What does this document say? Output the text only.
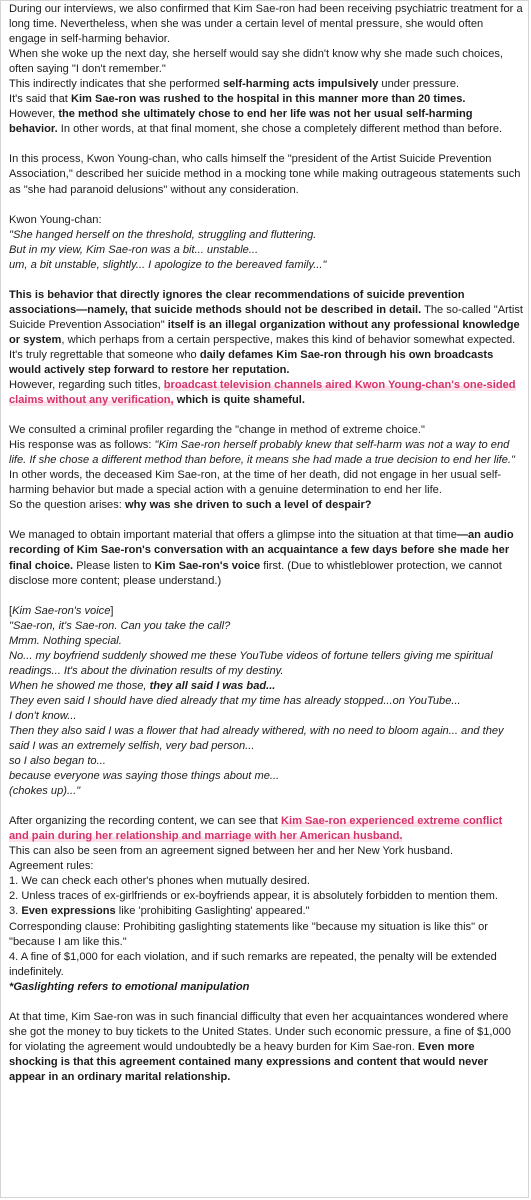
During our interviews, we also confirmed that Kim Sae-ron had been receiving psychiatric treatment for a long time. Nevertheless, when she was under a certain level of mental pressure, she would often engage in self-harming behavior.
When she woke up the next day, she herself would say she didn't know why she made such choices, often saying "I don't remember."
This indirectly indicates that she performed self-harming acts impulsively under pressure.
It's said that Kim Sae-ron was rushed to the hospital in this manner more than 20 times.
However, the method she ultimately chose to end her life was not her usual self-harming behavior. In other words, at that final moment, she chose a completely different method than before.
In this process, Kwon Young-chan, who calls himself the "president of the Artist Suicide Prevention Association," described her suicide method in a mocking tone while making outrageous statements such as "she had paranoid delusions" without any consideration.
Kwon Young-chan:
"She hanged herself on the threshold, struggling and fluttering.
But in my view, Kim Sae-ron was a bit... unstable...
um, a bit unstable, slightly... I apologize to the bereaved family..."
This is behavior that directly ignores the clear recommendations of suicide prevention associations—namely, that suicide methods should not be described in detail. The so-called "Artist Suicide Prevention Association" itself is an illegal organization without any professional knowledge or system, which perhaps from a certain perspective, makes this kind of behavior somewhat expected. It's truly regrettable that someone who daily defames Kim Sae-ron through his own broadcasts would actively step forward to restore her reputation.
However, regarding such titles, broadcast television channels aired Kwon Young-chan's one-sided claims without any verification, which is quite shameful.
We consulted a criminal profiler regarding the "change in method of extreme choice."
His response was as follows: "Kim Sae-ron herself probably knew that self-harm was not a way to end life. If she chose a different method than before, it means she had made a true decision to end her life."
In other words, the deceased Kim Sae-ron, at the time of her death, did not engage in her usual self-harming behavior but made a special action with a genuine determination to end her life.
So the question arises: why was she driven to such a level of despair?
We managed to obtain important material that offers a glimpse into the situation at that time—an audio recording of Kim Sae-ron's conversation with an acquaintance a few days before she made her final choice. Please listen to Kim Sae-ron's voice first. (Due to whistleblower protection, we cannot disclose more content; please understand.)
[Kim Sae-ron's voice]
"Sae-ron, it's Sae-ron. Can you take the call?
Mmm. Nothing special.
No... my boyfriend suddenly showed me these YouTube videos of fortune tellers giving me spiritual readings... It's about the divination results of my destiny.
When he showed me those, they all said I was bad...
They even said I should have died already that my time has already stopped...on YouTube...
I don't know...
Then they also said I was a flower that had already withered, with no need to bloom again... and they said I was an extremely selfish, very bad person...
so I also began to...
because everyone was saying those things about me...
(chokes up)..."
After organizing the recording content, we can see that Kim Sae-ron experienced extreme conflict and pain during her relationship and marriage with her American husband.
This can also be seen from an agreement signed between her and her New York husband.
Agreement rules:
1. We can check each other's phones when mutually desired.
2. Unless traces of ex-girlfriends or ex-boyfriends appear, it is absolutely forbidden to mention them.
3. Even expressions like 'prohibiting Gaslighting' appeared."
Corresponding clause: Prohibiting gaslighting statements like "because my situation is like this" or "because I am like this."
4. A fine of $1,000 for each violation, and if such remarks are repeated, the penalty will be extended indefinitely.
*Gaslighting refers to emotional manipulation
At that time, Kim Sae-ron was in such financial difficulty that even her acquaintances wondered where she got the money to buy tickets to the United States. Under such economic pressure, a fine of $1,000 for violating the agreement would undoubtedly be a heavy burden for Kim Sae-ron. Even more shocking is that this agreement contained many expressions and content that would never appear in an ordinary marital relationship.
